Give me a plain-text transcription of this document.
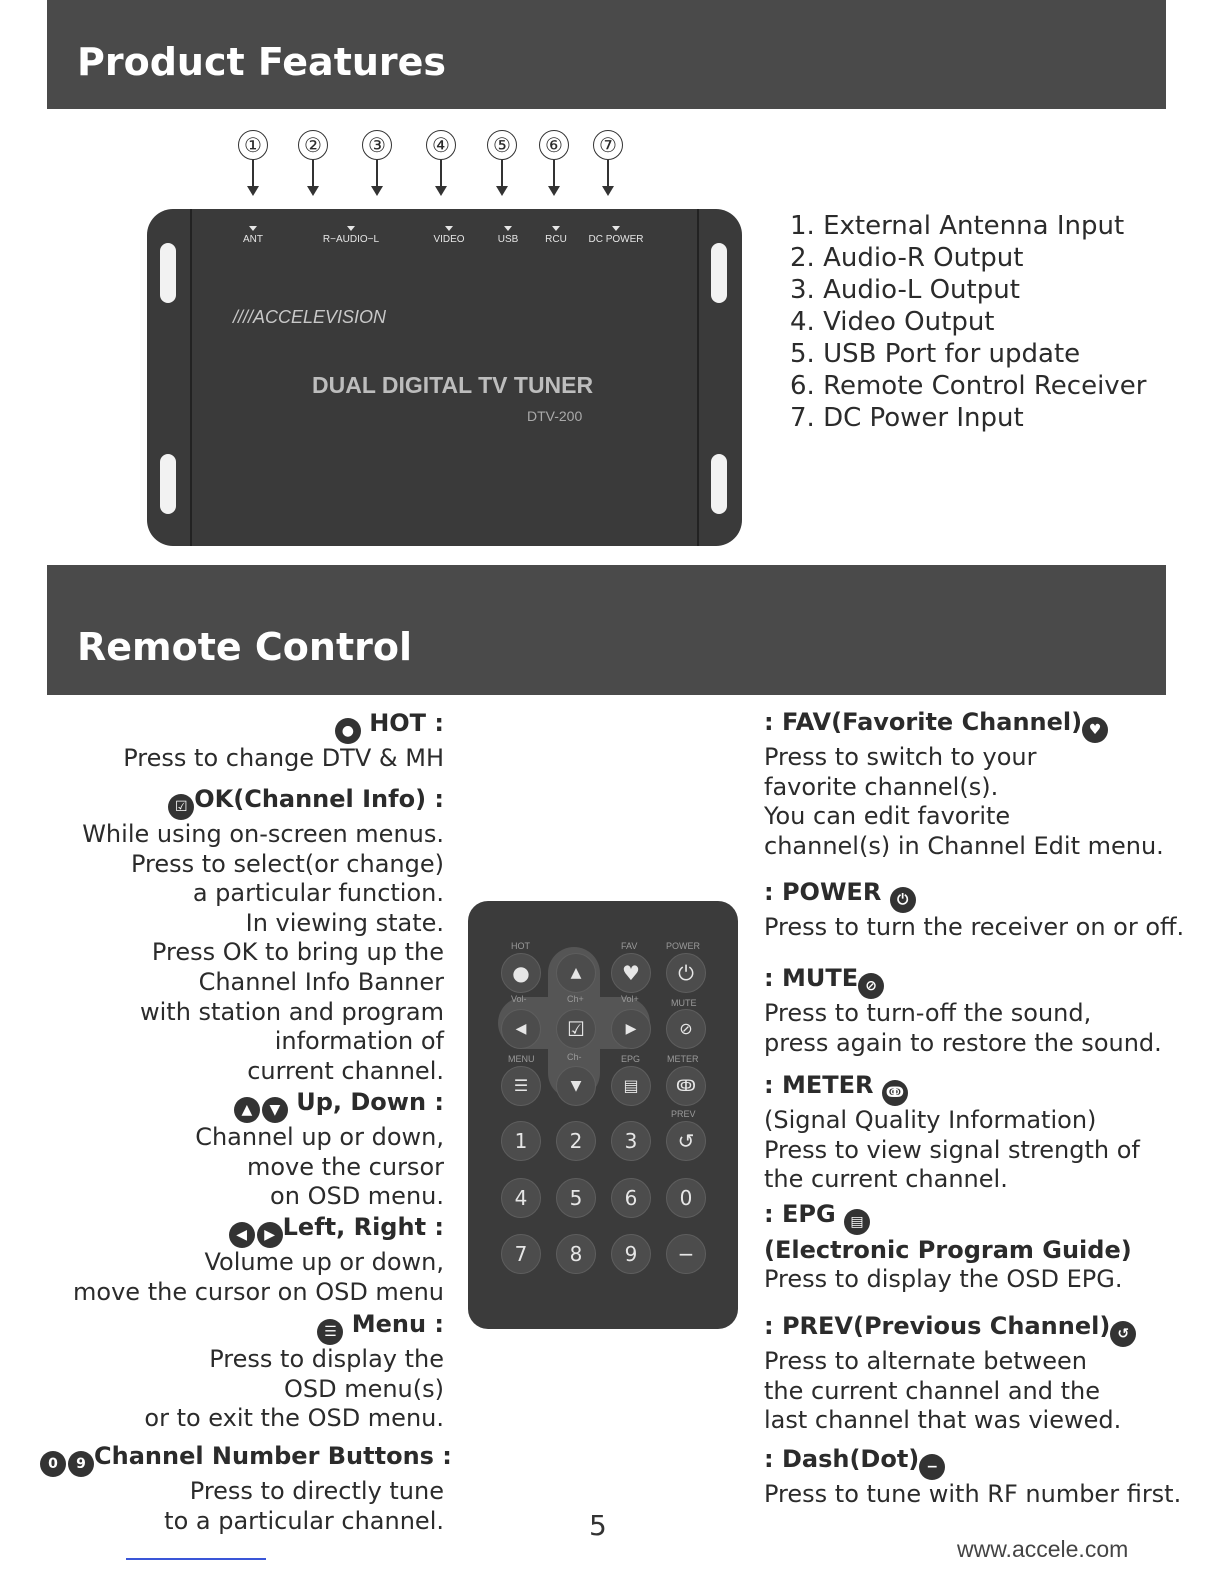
Product Features
①	②	③	④	⑤	⑥	⑦
ANT	R−AUDIO−L	VIDEO	USB	RCU	DC POWER
////ACCELEVISION
DUAL DIGITAL TV TUNER
DTV-200
1. External Antenna Input
2. Audio-R Output
3. Audio-L Output
4. Video Output
5. USB Port for update
6. Remote Control Receiver
7. DC Power Input
Remote Control
● HOT :
Press to change DTV & MH
☑ OK(Channel Info) :
While using on-screen menus.
Press to select(or change)
a particular function.
In viewing state.
Press OK to bring up the
Channel Info Banner
with station and program
information of
current channel.
▲ ▼ Up, Down :
Channel up or down,
move the cursor
on OSD menu.
◀ ▶ Left, Right :
Volume up or down,
move the cursor on OSD menu
☰ Menu :
Press to display the
OSD menu(s)
or to exit the OSD menu.
0 9 Channel Number Buttons :
Press to directly tune
to a particular channel.
HOT	FAV	POWER
Vol-	Ch+	Vol+	MUTE
MENU	Ch-	EPG	METER
PREV
●	▲	♥	⏻
◀	☑	▶	⊘
☰	▼	▤	ↂ
1	2	3	↺
4	5	6	0
7	8	9	−
: FAV(Favorite Channel) ♥
Press to switch to your
favorite channel(s).
You can edit favorite
channel(s) in Channel Edit menu.
: POWER ⏻
Press to turn the receiver on or off.
: MUTE ⊘
Press to turn-off the sound,
press again to restore the sound.
: METER ↂ
(Signal Quality Information)
Press to view signal strength of
the current channel.
: EPG ▤
(Electronic Program Guide)
Press to display the OSD EPG.
: PREV(Previous Channel) ↺
Press to alternate between
the current channel and the
last channel that was viewed.
: Dash(Dot) −
Press to tune with RF number first.
5
www.accele.com
